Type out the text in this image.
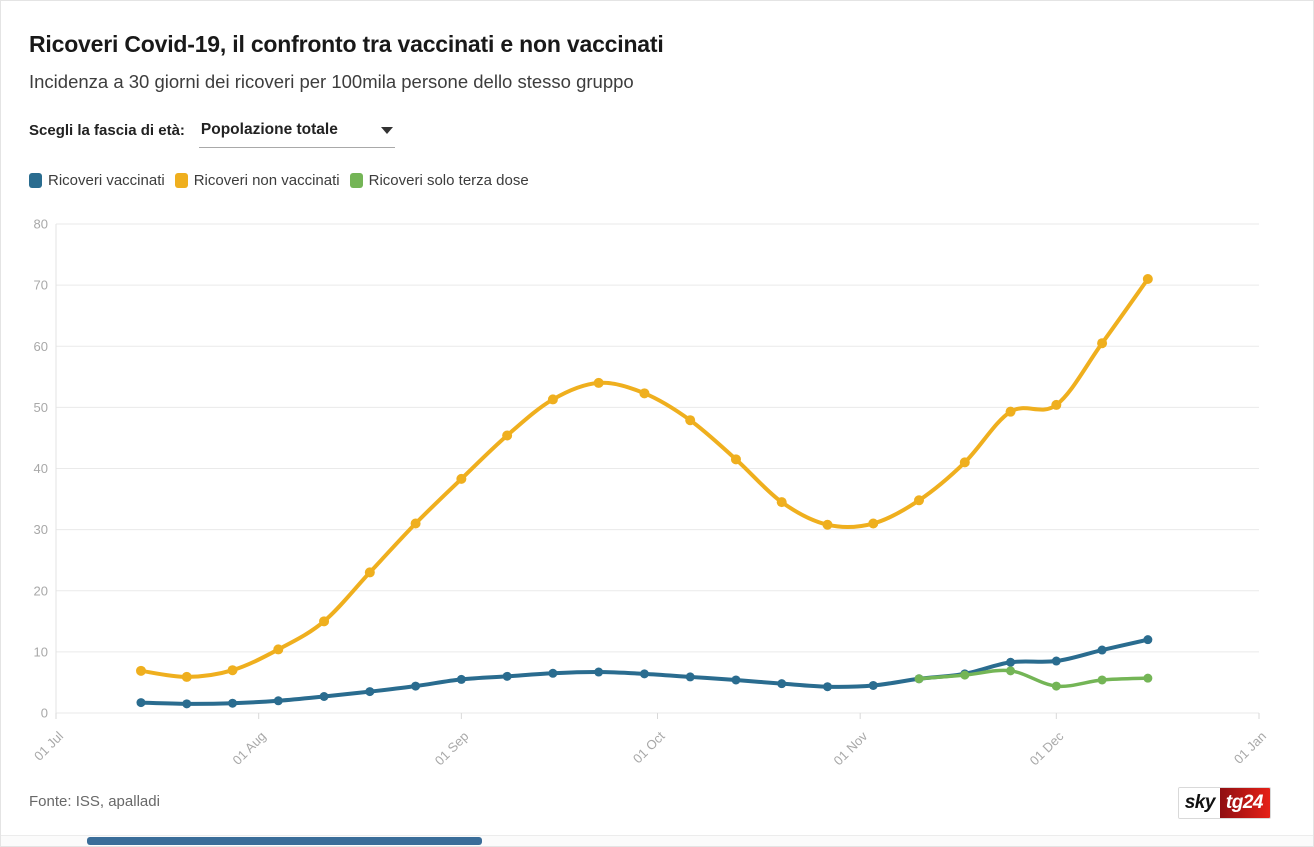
Ricoveri Covid-19, il confronto tra vaccinati e non vaccinati
Incidenza a 30 giorni dei ricoveri per 100mila persone dello stesso gruppo
Scegli la fascia di età: Popolazione totale
Ricoveri vaccinati Ricoveri non vaccinati Ricoveri solo terza dose
0
10
20
30
40
50
60
70
80
01 Jul	01 Aug	01 Sep	01 Oct	01 Nov	01 Dec	01 Jan
Fonte: ISS, apalladi	sky tg24
